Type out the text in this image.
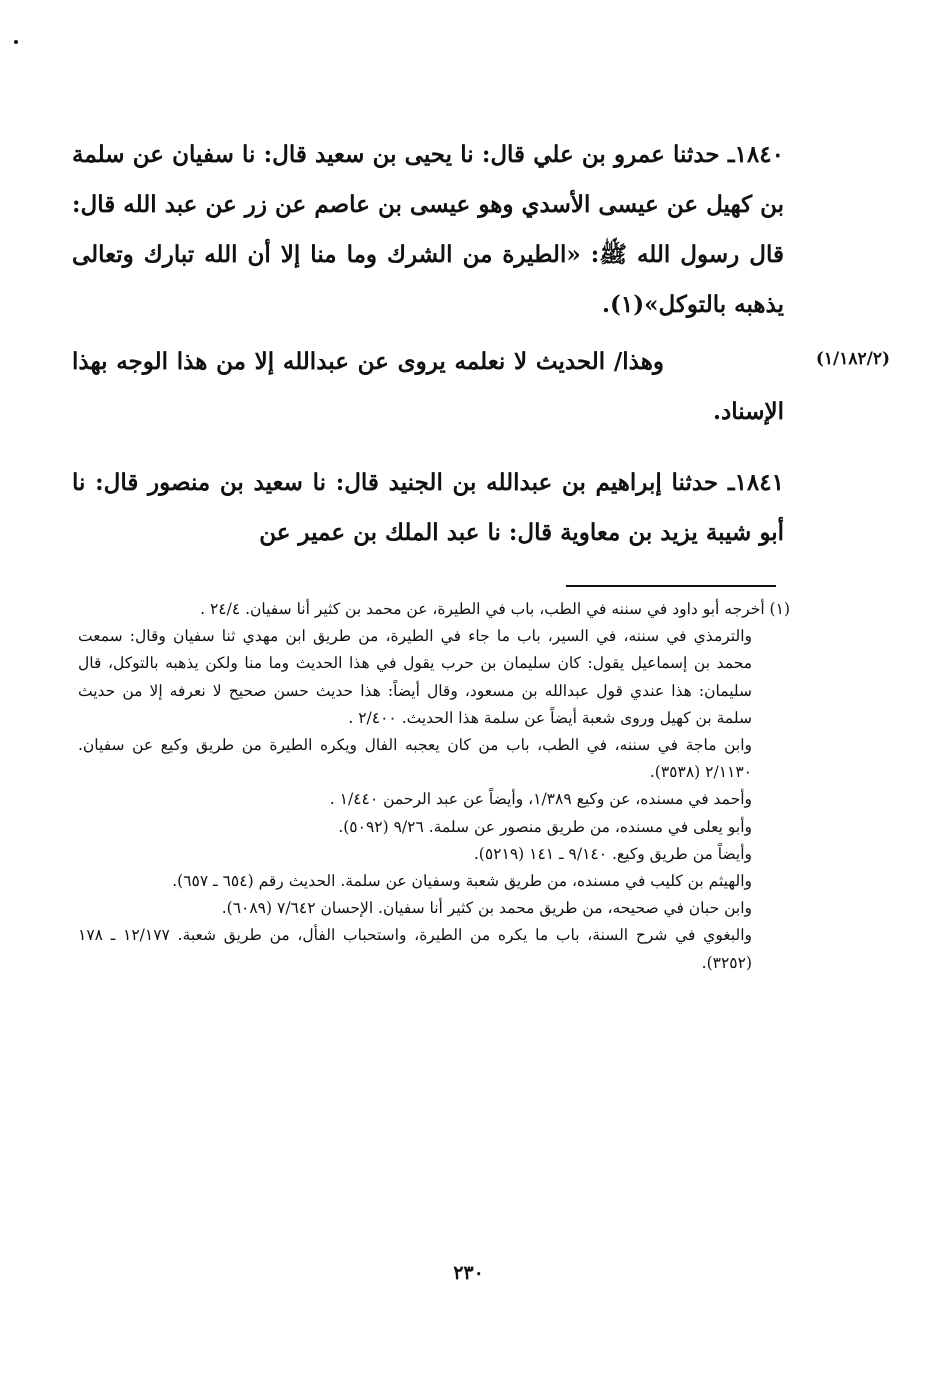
١٨٤٠ـ حدثنا عمرو بن علي قال: نا يحيى بن سعيد قال: نا سفيان عن سلمة بن كهيل عن عيسى الأسدي وهو عيسى بن عاصم عن زر عن عبد الله قال: قال رسول الله ﷺ: «الطيرة من الشرك وما منا إلا أن الله تبارك وتعالى يذهبه بالتوكل»(١).

(١/١٨٢/٢)

وهذا/ الحديث لا نعلمه يروى عن عبدالله إلا من هذا الوجه بهذا الإسناد.

١٨٤١ـ حدثنا إبراهيم بن عبدالله بن الجنيد قال: نا سعيد بن منصور قال: نا أبو شيبة يزيد بن معاوية قال: نا عبد الملك بن عمير عن

(١) أخرجه أبو داود في سننه في الطب، باب في الطيرة، عن محمد بن كثير أنا سفيان. ٢٤/٤ .

والترمذي في سننه، في السير، باب ما جاء في الطيرة، من طريق ابن مهدي ثنا سفيان وقال: سمعت محمد بن إسماعيل يقول: كان سليمان بن حرب يقول في هذا الحديث وما منا ولكن يذهبه بالتوكل، قال سليمان: هذا عندي قول عبدالله بن مسعود، وقال أيضاً: هذا حديث حسن صحيح لا نعرفه إلا من حديث سلمة بن كهيل وروى شعبة أيضاً عن سلمة هذا الحديث. ٢/٤٠٠ .

وابن ماجة في سننه، في الطب، باب من كان يعجبه الفال ويكره الطيرة من طريق وكيع عن سفيان. ٢/١١٣٠ (٣٥٣٨).

وأحمد في مسنده، عن وكيع ١/٣٨٩، وأيضاً عن عبد الرحمن ١/٤٤٠ .

وأبو يعلى في مسنده، من طريق منصور عن سلمة. ٩/٢٦ (٥٠٩٢).

وأيضاً من طريق وكيع. ٩/١٤٠ ـ ١٤١ (٥٢١٩).

والهيثم بن كليب في مسنده، من طريق شعبة وسفيان عن سلمة. الحديث رقم (٦٥٤ ـ ٦٥٧).

وابن حبان في صحيحه، من طريق محمد بن كثير أنا سفيان. الإحسان ٧/٦٤٢ (٦٠٨٩).

والبغوي في شرح السنة، باب ما يكره من الطيرة، واستحباب الفأل، من طريق شعبة. ١٢/١٧٧ ـ ١٧٨ (٣٢٥٢).

٢٣٠
